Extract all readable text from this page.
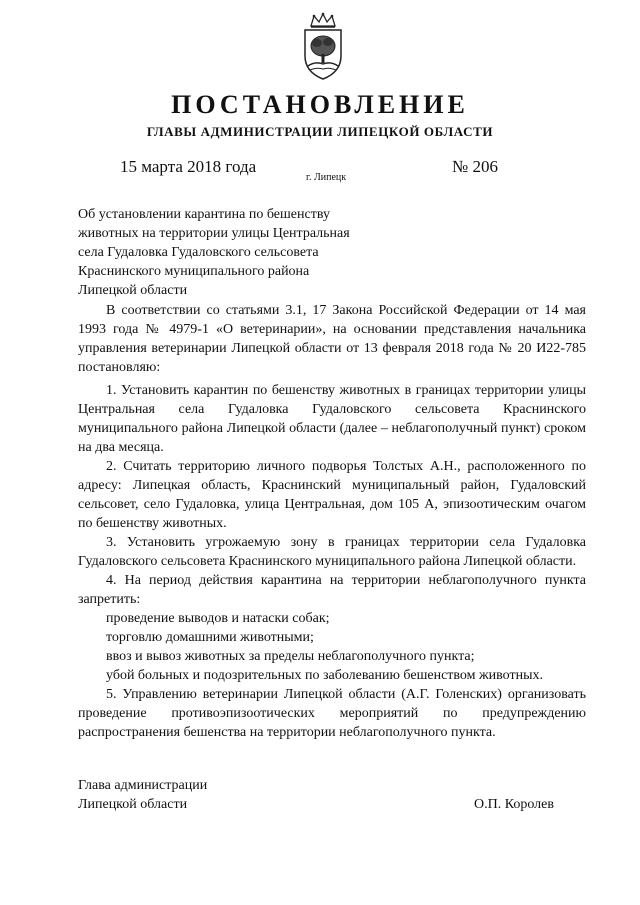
ПОСТАНОВЛЕНИЕ
ГЛАВЫ АДМИНИСТРАЦИИ ЛИПЕЦКОЙ ОБЛАСТИ
15 марта 2018 года
г. Липецк
№ 206
Об установлении карантина по бешенству
животных на территории улицы Центральная
села Гудаловка Гудаловского сельсовета
Краснинского муниципального района
Липецкой области

В соответствии со статьями 3.1, 17 Закона Российской Федерации от 14 мая 1993 года № 4979-1 «О ветеринарии», на основании представления начальника управления ветеринарии Липецкой области от 13 февраля 2018 года № 20 И22-785 постановляю:

1. Установить карантин по бешенству животных в границах территории улицы Центральная села Гудаловка Гудаловского сельсовета Краснинского муниципального района Липецкой области (далее – неблагополучный пункт) сроком на два месяца.

2. Считать территорию личного подворья Толстых А.Н., расположенного по адресу: Липецкая область, Краснинский муниципальный район, Гудаловский сельсовет, село Гудаловка, улица Центральная, дом 105 А, эпизоотическим очагом по бешенству животных.

3. Установить угрожаемую зону в границах территории села Гудаловка Гудаловского сельсовета Краснинского муниципального района Липецкой области.

4. На период действия карантина на территории неблагополучного пункта запретить:

проведение выводов и натаски собак;

торговлю домашними животными;

ввоз и вывоз животных за пределы неблагополучного пункта;

убой больных и подозрительных по заболеванию бешенством животных.

5. Управлению ветеринарии Липецкой области (А.Г. Голенских) организовать проведение противоэпизоотических мероприятий по предупреждению распространения бешенства на территории неблагополучного пункта.

Глава администрации
Липецкой области	О.П. Королев
